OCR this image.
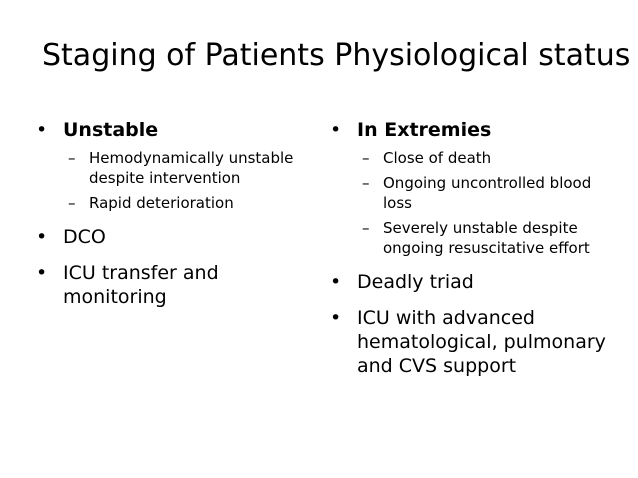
Staging of Patients Physiological status
• Unstable
– Hemodynamically unstable despite intervention
– Rapid deterioration
• DCO
• ICU transfer and monitoring
• In Extremies
– Close of death
– Ongoing uncontrolled blood loss
– Severely unstable despite ongoing resuscitative effort
• Deadly triad
• ICU with advanced hematological, pulmonary and CVS support
